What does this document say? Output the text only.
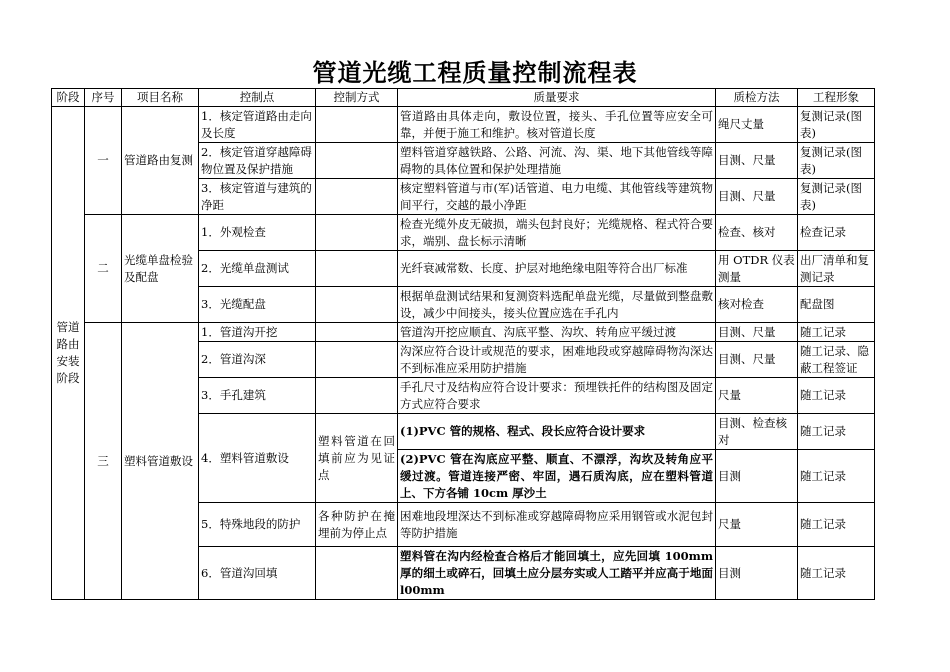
管道光缆工程质量控制流程表
阶段	序号	项目名称	控制点	控制方式	质量要求	质检方法	工程形象
管道路由安装阶段	一	管道路由复测	1．核定管道路由走向及长度		管道路由具体走向，敷设位置，接头、手孔位置等应安全可靠，并便于施工和维护。核对管道长度	绳尺丈量	复测记录(图表)
			2．核定管道穿越障碍物位置及保护措施		塑料管道穿越铁路、公路、河流、沟、渠、地下其他管线等障碍物的具体位置和保护处理措施	目测、尺量	复测记录(图表)
			3．核定管道与建筑的净距		核定塑料管道与市(军)话管道、电力电缆、其他管线等建筑物间平行，交越的最小净距	目测、尺量	复测记录(图表)
	二	光缆单盘检验及配盘	1．外观检查		检查光缆外皮无破损，端头包封良好；光缆规格、程式符合要求，端别、盘长标示清晰	检查、核对	检查记录
			2．光缆单盘测试		光纤衰减常数、长度、护层对地绝缘电阻等符合出厂标准	用 OTDR 仪表测量	出厂清单和复测记录
			3．光缆配盘		根据单盘测试结果和复测资料选配单盘光缆，尽量做到整盘敷设，减少中间接头，接头位置应选在手孔内	核对检查	配盘图
	三	塑料管道敷设	1．管道沟开挖		管道沟开挖应顺直、沟底平整、沟坎、转角应平缓过渡	目测、尺量	随工记录
			2．管道沟深		沟深应符合设计或规范的要求，困难地段或穿越障碍物沟深达不到标准应采用防护措施	目测、尺量	随工记录、隐蔽工程签证
			3．手孔建筑		手孔尺寸及结构应符合设计要求：预埋铁托件的结构图及固定方式应符合要求	尺量	随工记录
			4．塑料管道敷设	塑料管道在回填前应为见证点	(1)PVC 管的规格、程式、段长应符合设计要求	目测、检查核对	随工记录
					(2)PVC 管在沟底应平整、顺直、不漂浮，沟坎及转角应平缓过渡。管道连接严密、牢固，遇石质沟底，应在塑料管道上、下方各铺 10cm 厚沙土	目测	随工记录
			5．特殊地段的防护	各种防护在掩埋前为停止点	困难地段埋深达不到标准或穿越障碍物应采用钢管或水泥包封等防护措施	尺量	随工记录
			6．管道沟回填		塑料管在沟内经检查合格后才能回填土，应先回填 100mm 厚的细土或碎石，回填土应分层夯实或人工踏平并应高于地面 l00mm	目测	随工记录
